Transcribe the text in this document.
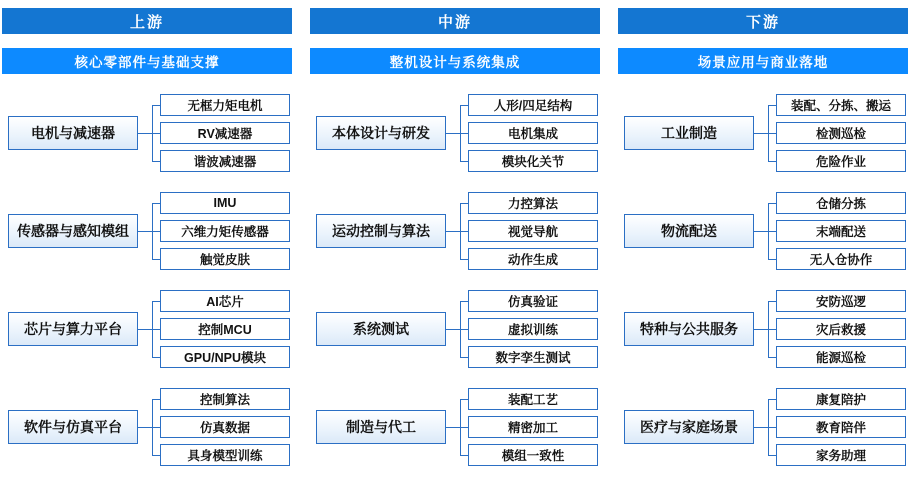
上游
核心零部件与基础支撑
电机与减速器
无框力矩电机
RV减速器
谐波减速器
传感器与感知模组
IMU
六维力矩传感器
触觉皮肤
芯片与算力平台
AI芯片
控制MCU
GPU/NPU模块
软件与仿真平台
控制算法
仿真数据
具身模型训练
中游
整机设计与系统集成
本体设计与研发
人形/四足结构
电机集成
模块化关节
运动控制与算法
力控算法
视觉导航
动作生成
系统测试
仿真验证
虚拟训练
数字孪生测试
制造与代工
装配工艺
精密加工
模组一致性
下游
场景应用与商业落地
工业制造
装配、分拣、搬运
检测巡检
危险作业
物流配送
仓储分拣
末端配送
无人仓协作
特种与公共服务
安防巡逻
灾后救援
能源巡检
医疗与家庭场景
康复陪护
教育陪伴
家务助理
